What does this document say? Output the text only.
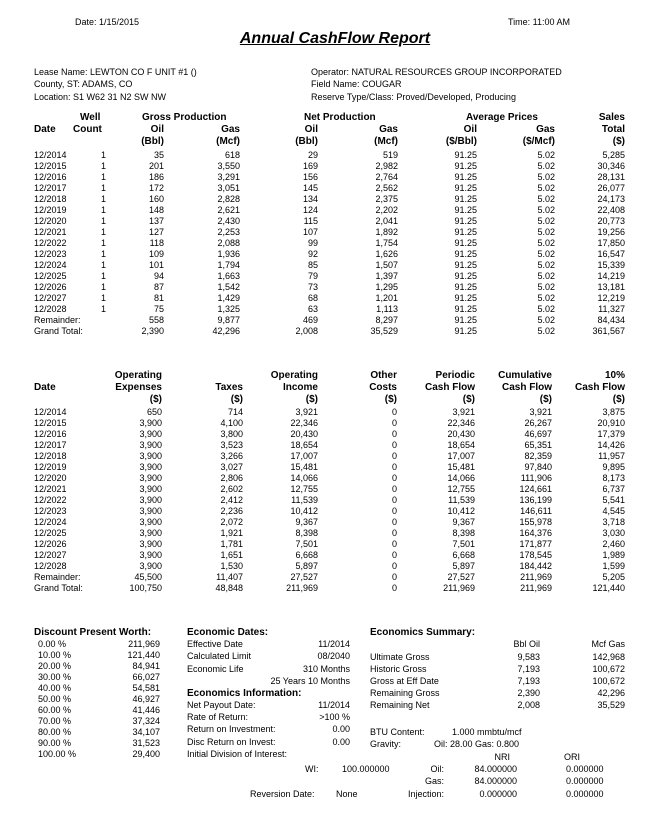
Date: 1/15/2015	Time: 11:00 AM
Annual CashFlow Report
Lease Name: LEWTON CO F UNIT #1 ()
County, ST: ADAMS, CO
Location: S1 W62 31 N2 SW NW
Operator: NATURAL RESOURCES GROUP INCORPORATED
Field Name: COUGAR
Reserve Type/Class: Proved/Developed, Producing
Well	Gross Production	Net Production	Average Prices	Sales
Date Count	Oil	Gas	Oil	Gas	Oil	Gas	Total
(Bbl)	(Mcf)	(Bbl)	(Mcf)	($/Bbl)	($/Mcf)	($)
12/2014	1	35	618	29	519	91.25	5.02	5,285
12/2015	1	201	3,550	169	2,982	91.25	5.02	30,346
12/2016	1	186	3,291	156	2,764	91.25	5.02	28,131
12/2017	1	172	3,051	145	2,562	91.25	5.02	26,077
12/2018	1	160	2,828	134	2,375	91.25	5.02	24,173
12/2019	1	148	2,621	124	2,202	91.25	5.02	22,408
12/2020	1	137	2,430	115	2,041	91.25	5.02	20,773
12/2021	1	127	2,253	107	1,892	91.25	5.02	19,256
12/2022	1	118	2,088	99	1,754	91.25	5.02	17,850
12/2023	1	109	1,936	92	1,626	91.25	5.02	16,547
12/2024	1	101	1,794	85	1,507	91.25	5.02	15,339
12/2025	1	94	1,663	79	1,397	91.25	5.02	14,219
12/2026	1	87	1,542	73	1,295	91.25	5.02	13,181
12/2027	1	81	1,429	68	1,201	91.25	5.02	12,219
12/2028	1	75	1,325	63	1,113	91.25	5.02	11,327
Remainder:		558	9,877	469	8,297	91.25	5.02	84,434
Grand Total:		2,390	42,296	2,008	35,529	91.25	5.02	361,567
Operating	Operating	Other	Periodic	Cumulative	10%
Date	Expenses	Taxes	Income	Costs	Cash Flow	Cash Flow	Cash Flow
($)	($)	($)	($)	($)	($)	($)
12/2014	650	714	3,921	0	3,921	3,921	3,875
12/2015	3,900	4,100	22,346	0	22,346	26,267	20,910
12/2016	3,900	3,800	20,430	0	20,430	46,697	17,379
12/2017	3,900	3,523	18,654	0	18,654	65,351	14,426
12/2018	3,900	3,266	17,007	0	17,007	82,359	11,957
12/2019	3,900	3,027	15,481	0	15,481	97,840	9,895
12/2020	3,900	2,806	14,066	0	14,066	111,906	8,173
12/2021	3,900	2,602	12,755	0	12,755	124,661	6,737
12/2022	3,900	2,412	11,539	0	11,539	136,199	5,541
12/2023	3,900	2,236	10,412	0	10,412	146,611	4,545
12/2024	3,900	2,072	9,367	0	9,367	155,978	3,718
12/2025	3,900	1,921	8,398	0	8,398	164,376	3,030
12/2026	3,900	1,781	7,501	0	7,501	171,877	2,460
12/2027	3,900	1,651	6,668	0	6,668	178,545	1,989
12/2028	3,900	1,530	5,897	0	5,897	184,442	1,599
Remainder:	45,500	11,407	27,527	0	27,527	211,969	5,205
Grand Total:	100,750	48,848	211,969	0	211,969	211,969	121,440
Discount Present Worth:
0.00 %	211,969
10.00 %	121,440
20.00 %	84,941
30.00 %	66,027
40.00 %	54,581
50.00 %	46,927
60.00 %	41,446
70.00 %	37,324
80.00 %	34,107
90.00 %	31,523
100.00 %	29,400
Economic Dates:
Effective Date	11/2014
Calculated Limit	08/2040
Economic Life	310 Months
25 Years 10 Months
Economics Information:
Net Payout Date:	11/2014
Rate of Return:	>100 %
Return on Investment:	0.00
Disc Return on Invest:	0.00
Initial Division of Interest:
Economics Summary:
Bbl Oil	Mcf Gas
Ultimate Gross	9,583	142,968
Historic Gross	7,193	100,672
Gross at Eff Date	7,193	100,672
Remaining Gross	2,390	42,296
Remaining Net	2,008	35,529
BTU Content:	1.000 mmbtu/mcf
Gravity:	Oil: 28.00 Gas: 0.800
NRI	ORI
WI:	100.000000	Oil:	84.000000	0.000000
Gas:	84.000000	0.000000
Reversion Date: None	Injection:	0.000000	0.000000
